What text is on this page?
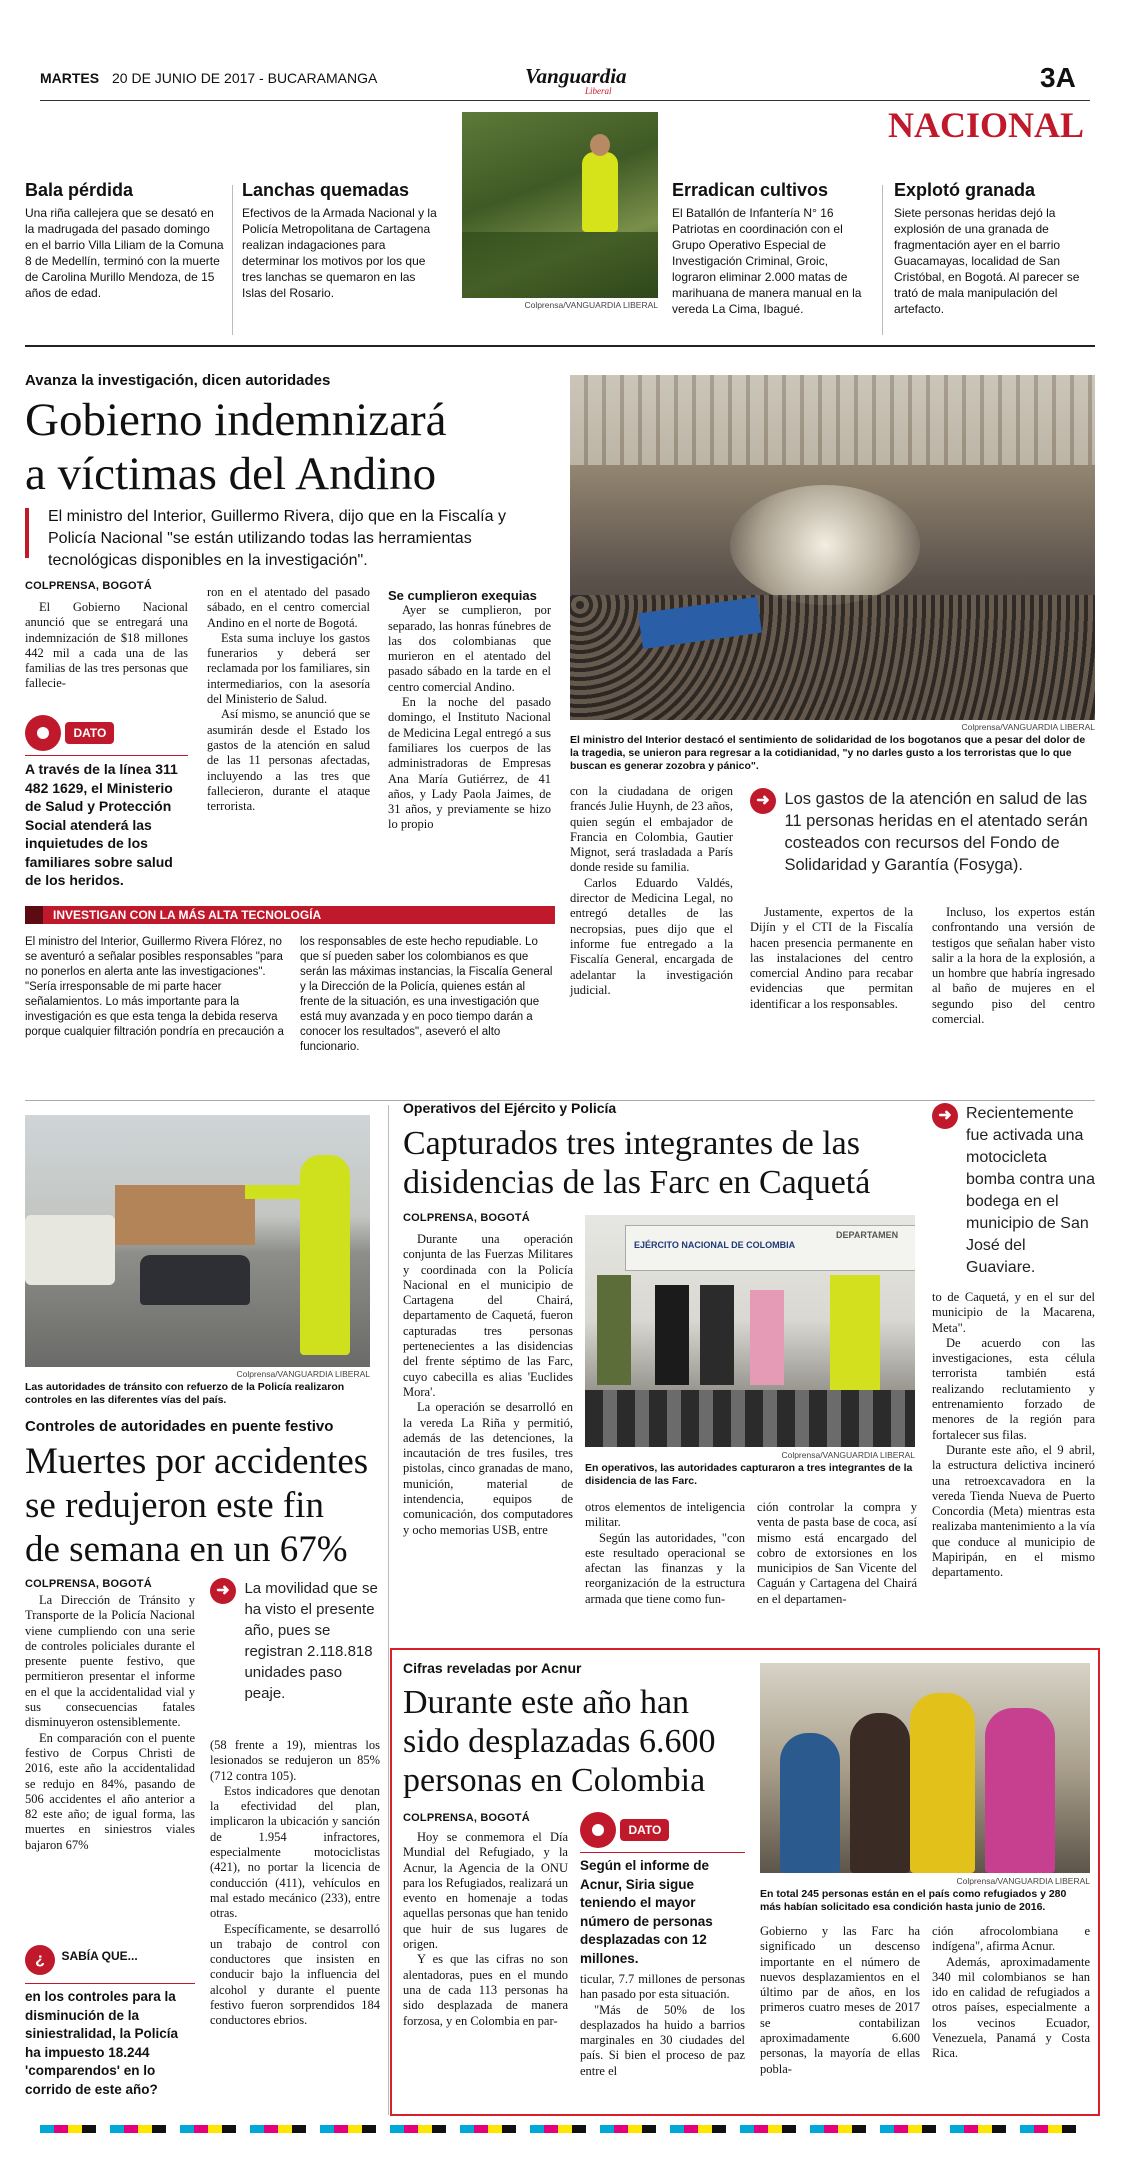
MARTES 20 DE JUNIO DE 2017 - BUCARAMANGA	Vanguardia
Liberal	3A
NACIONAL
Bala pérdida
Una riña callejera que se desató en la madrugada del pasado domingo en el barrio Villa Liliam de la Comuna 8 de Medellín, terminó con la muerte de Carolina Murillo Mendoza, de 15 años de edad.
Lanchas quemadas
Efectivos de la Armada Nacional y la Policía Metropolitana de Cartagena realizan indagaciones para determinar los motivos por los que tres lanchas se quemaron en las Islas del Rosario.
Colprensa/VANGUARDIA LIBERAL
Erradican cultivos
El Batallón de Infantería N° 16 Patriotas en coordinación con el Grupo Operativo Especial de Investigación Criminal, Groic, lograron eliminar 2.000 matas de marihuana de manera manual en la vereda La Cima, Ibagué.
Explotó granada
Siete personas heridas dejó la explosión de una granada de fragmentación ayer en el barrio Guacamayas, localidad de San Cristóbal, en Bogotá. Al parecer se trató de mala manipulación del artefacto.
Avanza la investigación, dicen autoridades
Gobierno indemnizará
a víctimas del Andino
El ministro del Interior, Guillermo Rivera, dijo que en la Fiscalía y Policía Nacional "se están utilizando todas las herramientas tecnológicas disponibles en la investigación".
COLPRENSA, BOGOTÁ

El Gobierno Nacional anunció que se entregará una indemnización de $18 millones 442 mil a cada una de las familias de las tres personas que fallecie-

DATO
A través de la línea 311 482 1629, el Ministerio de Salud y Protección Social atenderá las inquietudes de los familiares sobre salud de los heridos.

ron en el atentado del pasado sábado, en el centro comercial Andino en el norte de Bogotá.

Esta suma incluye los gastos funerarios y deberá ser reclamada por los familiares, sin intermediarios, con la asesoría del Ministerio de Salud.

Así mismo, se anunció que se asumirán desde el Estado los gastos de la atención en salud de las 11 personas afectadas, incluyendo a las tres que fallecieron, durante el ataque terrorista.

Se cumplieron exequias

Ayer se cumplieron, por separado, las honras fúnebres de las dos colombianas que murieron en el atentado del pasado sábado en la tarde en el centro comercial Andino.

En la noche del pasado domingo, el Instituto Nacional de Medicina Legal entregó a sus familiares los cuerpos de las administradoras de Empresas Ana María Gutiérrez, de 41 años, y Lady Paola Jaimes, de 31 años, y previamente se hizo lo propio

Colprensa/VANGUARDIA LIBERAL
El ministro del Interior destacó el sentimiento de solidaridad de los bogotanos que a pesar del dolor de la tragedia, se unieron para regresar a la cotidianidad, "y no darles gusto a los terroristas que lo que buscan es generar zozobra y pánico".

con la ciudadana de origen francés Julie Huynh, de 23 años, quien según el embajador de Francia en Colombia, Gautier Mignot, será trasladada a París donde reside su familia.

Carlos Eduardo Valdés, director de Medicina Legal, no entregó detalles de las necropsias, pues dijo que el informe fue entregado a la Fiscalía General, encargada de adelantar la investigación judicial.

➜ Los gastos de la atención en salud de las 11 personas heridas en el atentado serán costeados con recursos del Fondo de Solidaridad y Garantía (Fosyga).

Justamente, expertos de la Dijín y el CTI de la Fiscalía hacen presencia permanente en las instalaciones del centro comercial Andino para recabar evidencias que permitan identificar a los responsables.

Incluso, los expertos están confrontando una versión de testigos que señalan haber visto salir a la hora de la explosión, a un hombre que habría ingresado al baño de mujeres en el segundo piso del centro comercial.

INVESTIGAN CON LA MÁS ALTA TECNOLOGÍA
El ministro del Interior, Guillermo Rivera Flórez, no se aventuró a señalar posibles responsables "para no ponerlos en alerta ante las investigaciones".
"Sería irresponsable de mi parte hacer señalamientos. Lo más importante para la investigación es que esta tenga la debida reserva porque cualquier filtración pondría en precaución a
los responsables de este hecho repudiable. Lo que sí pueden saber los colombianos es que serán las máximas instancias, la Fiscalía General y la Dirección de la Policía, quienes están al frente de la situación, es una investigación que está muy avanzada y en poco tiempo darán a conocer los resultados", aseveró el alto funcionario.
Colprensa/VANGUARDIA LIBERAL
Las autoridades de tránsito con refuerzo de la Policía realizaron controles en las diferentes vías del país.
Controles de autoridades en puente festivo
Muertes por accidentes
se redujeron este fin
de semana en un 67%
COLPRENSA, BOGOTÁ

La Dirección de Tránsito y Transporte de la Policía Nacional viene cumpliendo con una serie de controles policiales durante el presente puente festivo, que permitieron presentar el informe en el que la accidentalidad vial y sus consecuencias fatales disminuyeron ostensiblemente.

En comparación con el puente festivo de Corpus Christi de 2016, este año la accidentalidad se redujo en 84%, pasando de 506 accidentes el año anterior a 82 este año; de igual forma, las muertes en siniestros viales bajaron 67%

➜ La movilidad que se ha visto el presente año, pues se registran 2.118.818 unidades paso peaje.

(58 frente a 19), mientras los lesionados se redujeron un 85% (712 contra 105).

Estos indicadores que denotan la efectividad del plan, implicaron la ubicación y sanción de 1.954 infractores, especialmente motociclistas (421), no portar la licencia de conducción (411), vehículos en mal estado mecánico (233), entre otras.

Específicamente, se desarrolló un trabajo de control con conductores que insisten en conducir bajo la influencia del alcohol y durante el puente festivo fueron sorprendidos 184 conductores ebrios.

¿ SABÍA QUE...
en los controles para la disminución de la siniestralidad, la Policía ha impuesto 18.244 'comparendos' en lo corrido de este año?
Operativos del Ejército y Policía
Capturados tres integrantes de las
disidencias de las Farc en Caquetá
COLPRENSA, BOGOTÁ

Durante una operación conjunta de las Fuerzas Militares y coordinada con la Policía Nacional en el municipio de Cartagena del Chairá, departamento de Caquetá, fueron capturadas tres personas pertenecientes a las disidencias del frente séptimo de las Farc, cuyo cabecilla es alias 'Euclides Mora'.

La operación se desarrolló en la vereda La Riña y permitió, además de las detenciones, la incautación de tres fusiles, tres pistolas, cinco granadas de mano, munición, material de intendencia, equipos de comunicación, dos computadores y ocho memorias USB, entre

EJÉRCITO NACIONAL DE COLOMBIA
DEPARTAMEN
Colprensa/VANGUARDIA LIBERAL
En operativos, las autoridades capturaron a tres integrantes de la disidencia de las Farc.

otros elementos de inteligencia militar.

Según las autoridades, "con este resultado operacional se afectan las finanzas y la reorganización de la estructura armada que tiene como fun-

ción controlar la compra y venta de pasta base de coca, así mismo está encargado del cobro de extorsiones en los municipios de San Vicente del Caguán y Cartagena del Chairá en el departamen-

➜ Recientemente fue activada una motocicleta bomba contra una bodega en el municipio de San José del Guaviare.

to de Caquetá, y en el sur del municipio de la Macarena, Meta".

De acuerdo con las investigaciones, esta célula terrorista también está realizando reclutamiento y entrenamiento forzado de menores de la región para fortalecer sus filas.

Durante este año, el 9 abril, la estructura delictiva incineró una retroexcavadora en la vereda Tienda Nueva de Puerto Concordia (Meta) mientras esta realizaba mantenimiento a la vía que conduce al municipio de Mapiripán, en el mismo departamento.

Cifras reveladas por Acnur
Durante este año han
sido desplazadas 6.600
personas en Colombia
COLPRENSA, BOGOTÁ

Hoy se conmemora el Día Mundial del Refugiado, y la Acnur, la Agencia de la ONU para los Refugiados, realizará un evento en homenaje a todas aquellas personas que han tenido que huir de sus lugares de origen.

Y es que las cifras no son alentadoras, pues en el mundo una de cada 113 personas ha sido desplazada de manera forzosa, y en Colombia en par-

DATO
Según el informe de Acnur, Siria sigue teniendo el mayor número de personas desplazadas con 12 millones.

ticular, 7.7 millones de personas han pasado por esta situación.

"Más de 50% de los desplazados ha huido a barrios marginales en 30 ciudades del país. Si bien el proceso de paz entre el

Colprensa/VANGUARDIA LIBERAL
En total 245 personas están en el país como refugiados y 280 más habían solicitado esa condición hasta junio de 2016.

Gobierno y las Farc ha significado un descenso importante en el número de nuevos desplazamientos en el último par de años, en los primeros cuatro meses de 2017 se contabilizan aproximadamente 6.600 personas, la mayoría de ellas pobla-

ción afrocolombiana e indígena", afirma Acnur.

Además, aproximadamente 340 mil colombianos se han ido en calidad de refugiados a otros países, especialmente a los vecinos Ecuador, Venezuela, Panamá y Costa Rica.
